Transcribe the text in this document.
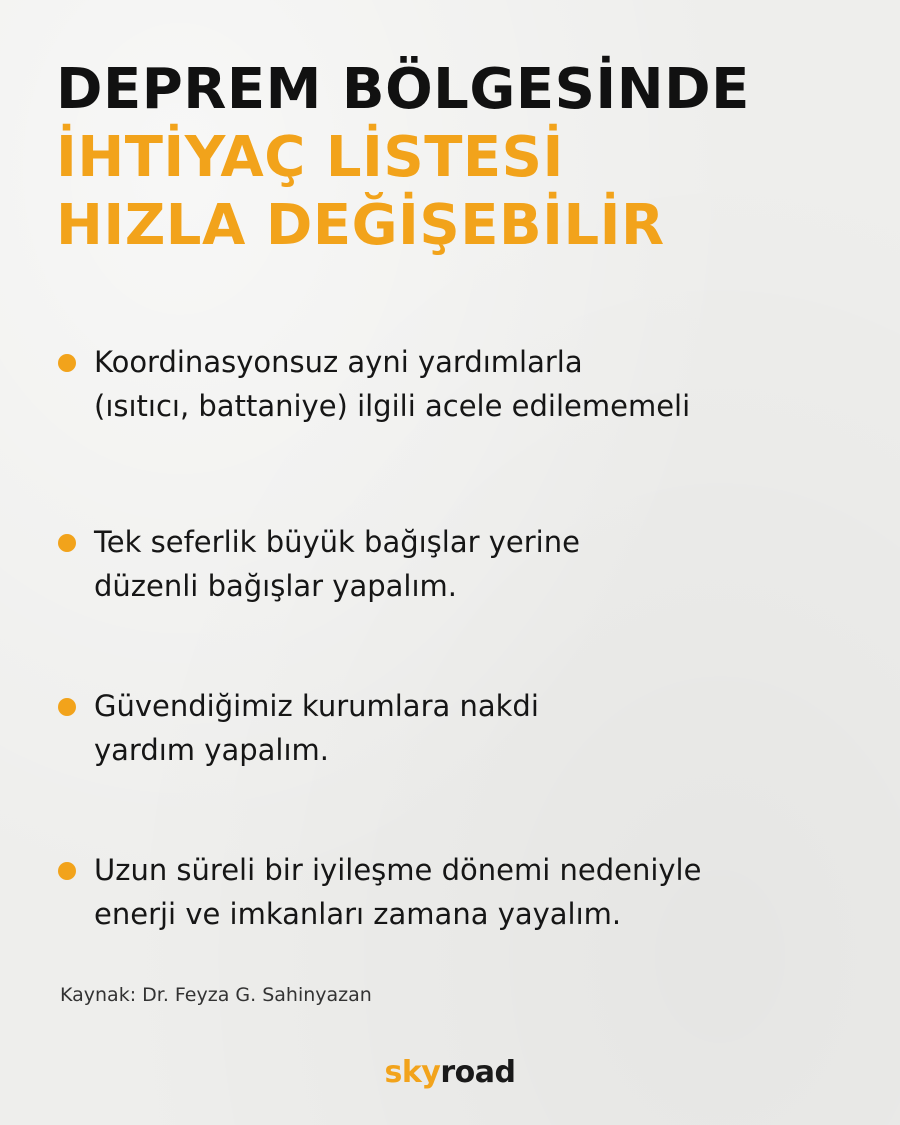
DEPREM BÖLGESİNDE
İHTİYAÇ LİSTESİ
HIZLA DEĞİŞEBİLİR
Koordinasyonsuz ayni yardımlarla
(ısıtıcı, battaniye) ilgili acele edilememeli
Tek seferlik büyük bağışlar yerine
düzenli bağışlar yapalım.
Güvendiğimiz kurumlara nakdi
yardım yapalım.
Uzun süreli bir iyileşme dönemi nedeniyle
enerji ve imkanları zamana yayalım.
Kaynak: Dr. Feyza G. Sahinyazan
skyroad
